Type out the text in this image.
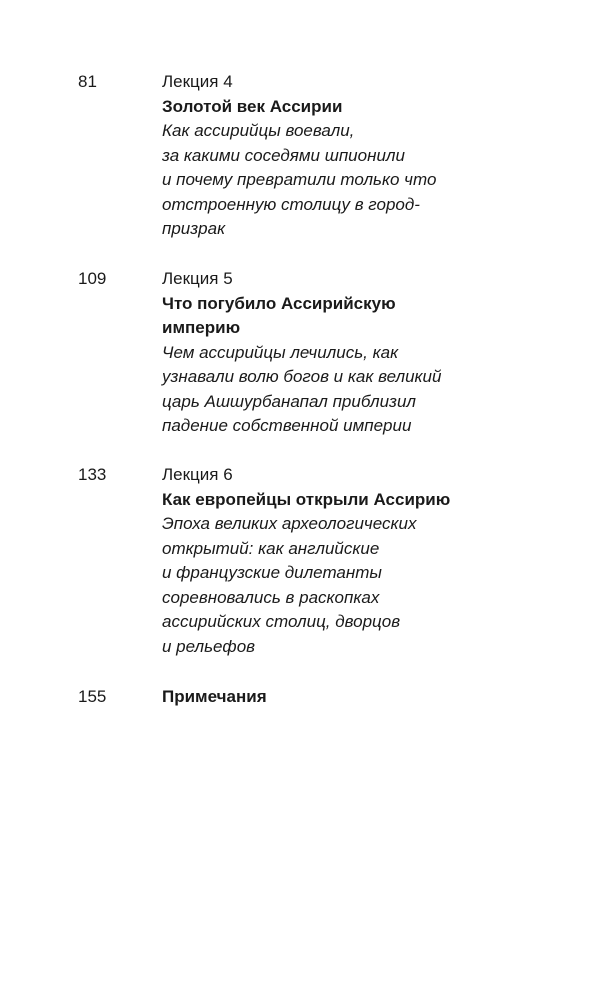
81	Лекция 4
Золотой век Ассирии
Как ассирийцы воевали,
за какими соседями шпионили
и почему превратили только что
отстроенную столицу в город-
призрак
109	Лекция 5
Что погубило Ассирийскую
империю
Чем ассирийцы лечились, как
узнавали волю богов и как великий
царь Ашшурбанапал приблизил
падение собственной империи
133	Лекция 6
Как европейцы открыли Ассирию
Эпоха великих археологических
открытий: как английские
и французские дилетанты
соревновались в раскопках
ассирийских столиц, дворцов
и рельефов
155	Примечания
